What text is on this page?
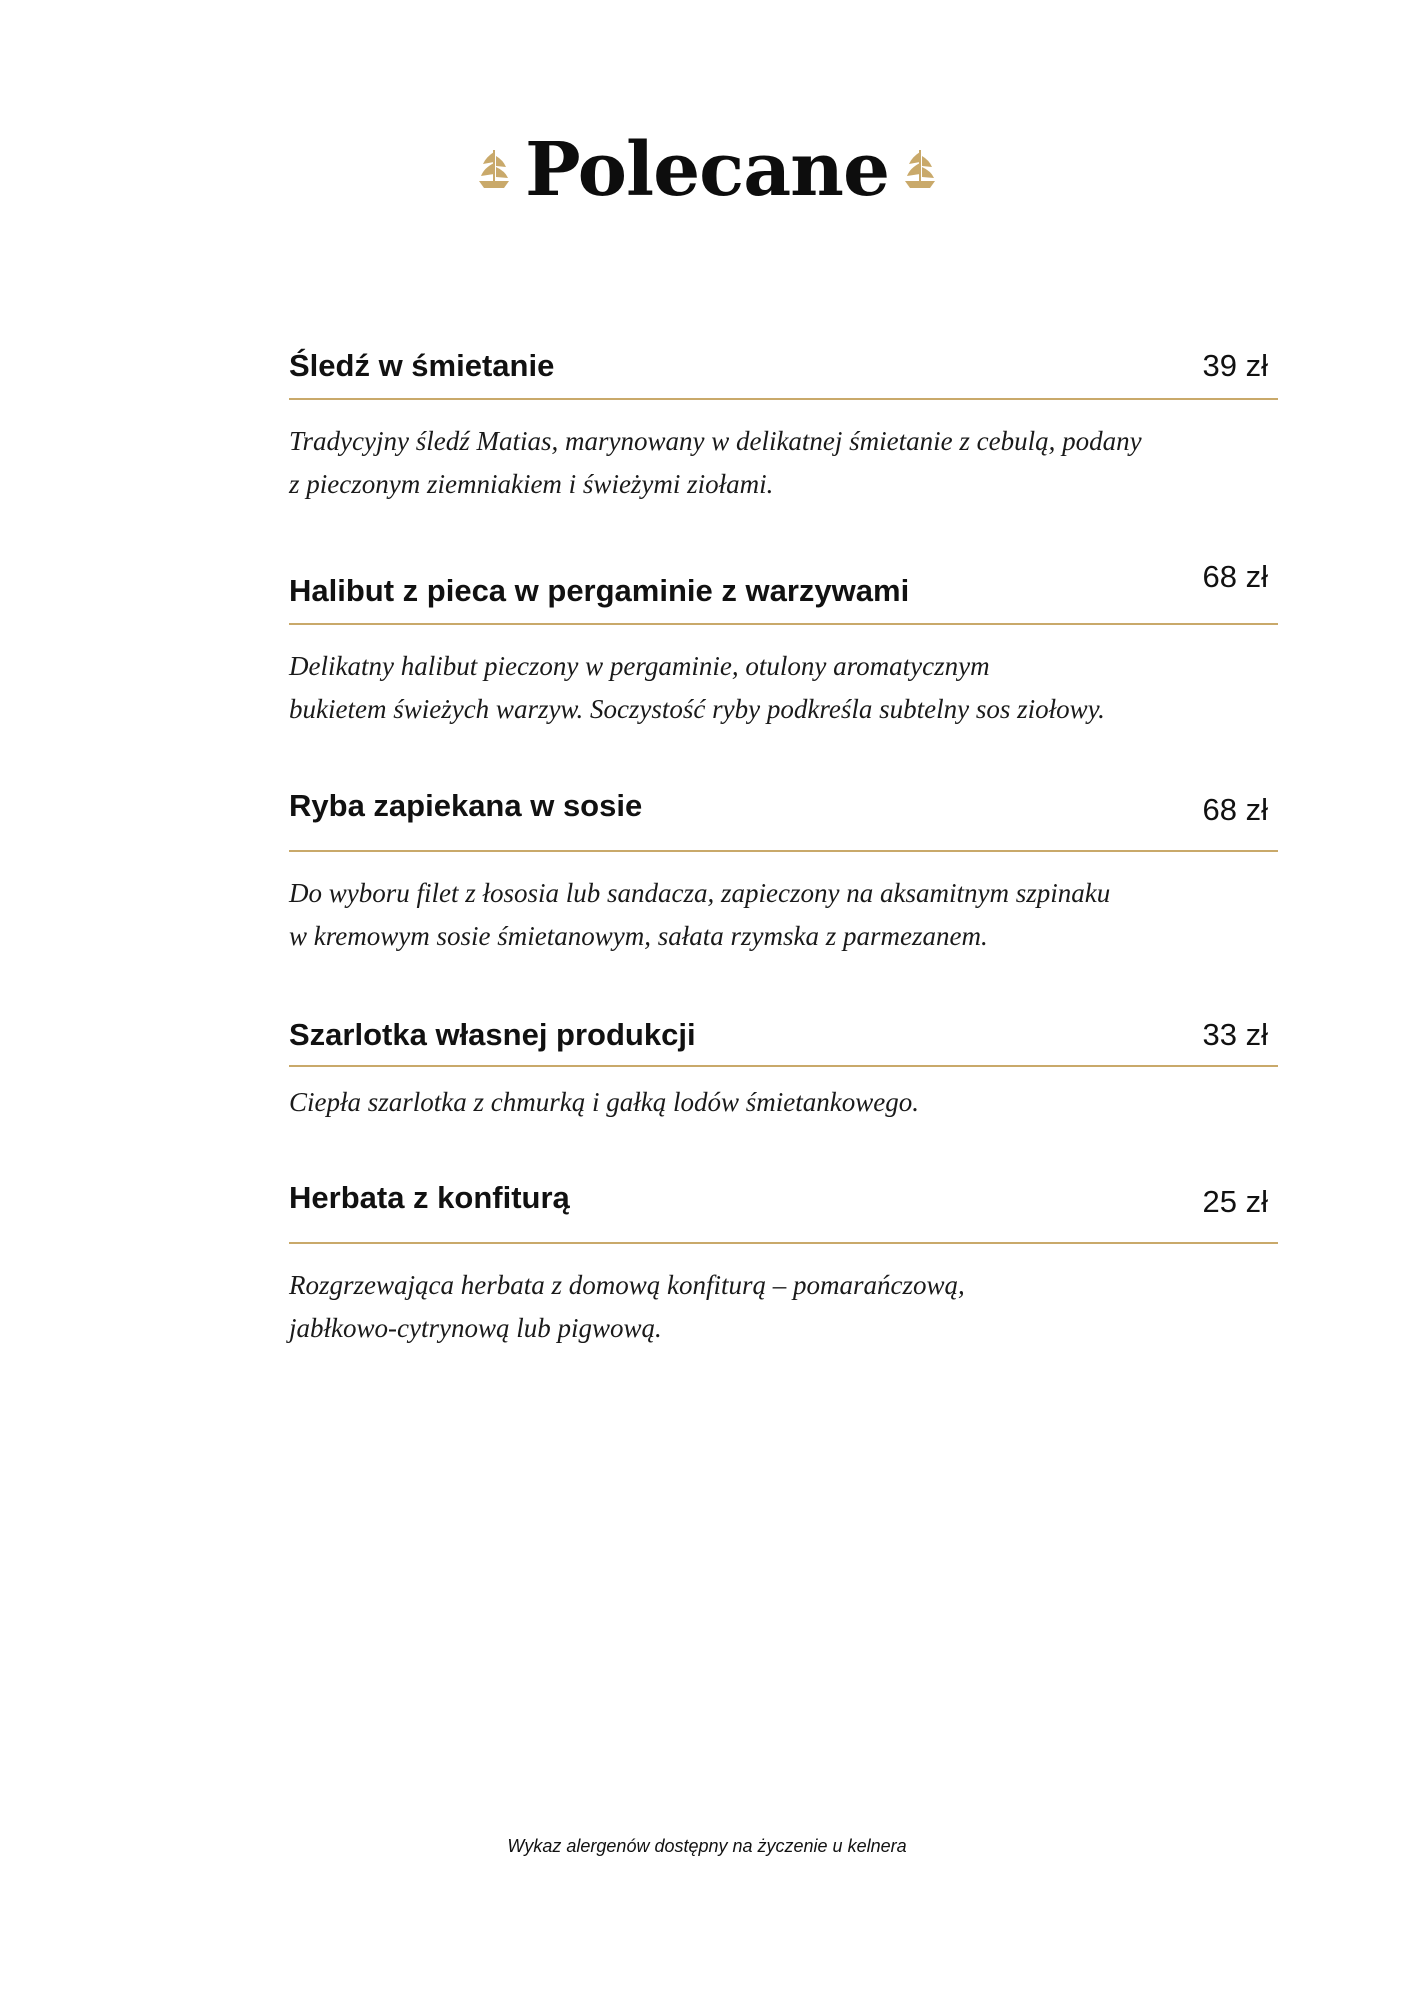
Polecane
Śledź w śmietanie	39 zł
Tradycyjny śledź Matias, marynowany w delikatnej śmietanie z cebulą, podany
z pieczonym ziemniakiem i świeżymi ziołami.
Halibut z pieca w pergaminie z warzywami	68 zł
Delikatny halibut pieczony w pergaminie, otulony aromatycznym
bukietem świeżych warzyw. Soczystość ryby podkreśla subtelny sos ziołowy.
Ryba zapiekana w sosie	68 zł
Do wyboru filet z łososia lub sandacza, zapieczony na aksamitnym szpinaku
w kremowym sosie śmietanowym, sałata rzymska z parmezanem.
Szarlotka własnej produkcji	33 zł
Ciepła szarlotka z chmurką i gałką lodów śmietankowego.
Herbata z konfiturą	25 zł
Rozgrzewająca herbata z domową konfiturą – pomarańczową,
jabłkowo-cytrynową lub pigwową.
Wykaz alergenów dostępny na życzenie u kelnera
